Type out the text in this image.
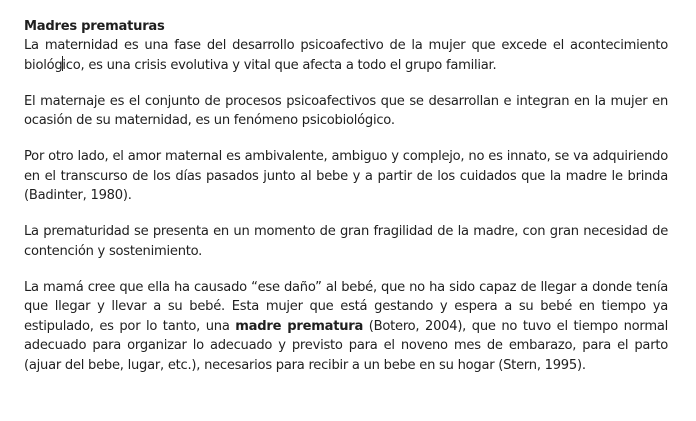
Madres prematuras

La maternidad es una fase del desarrollo psicoafectivo de la mujer que excede el acontecimiento biológico, es una crisis evolutiva y vital que afecta a todo el grupo familiar.

El maternaje es el conjunto de procesos psicoafectivos que se desarrollan e integran en la mujer en ocasión de su maternidad, es un fenómeno psicobiológico.

Por otro lado, el amor maternal es ambivalente, ambiguo y complejo, no es innato, se va adquiriendo en el transcurso de los días pasados junto al bebe y a partir de los cuidados que la madre le brinda (Badinter, 1980).

La prematuridad se presenta en un momento de gran fragilidad de la madre, con gran necesidad de contención y sostenimiento.

La mamá cree que ella ha causado “ese daño” al bebé, que no ha sido capaz de llegar a donde tenía que llegar y llevar a su bebé. Esta mujer que está gestando y espera a su bebé en tiempo ya estipulado, es por lo tanto, una madre prematura (Botero, 2004), que no tuvo el tiempo normal adecuado para organizar lo adecuado y previsto para el noveno mes de embarazo, para el parto (ajuar del bebe, lugar, etc.), necesarios para recibir a un bebe en su hogar (Stern, 1995).
